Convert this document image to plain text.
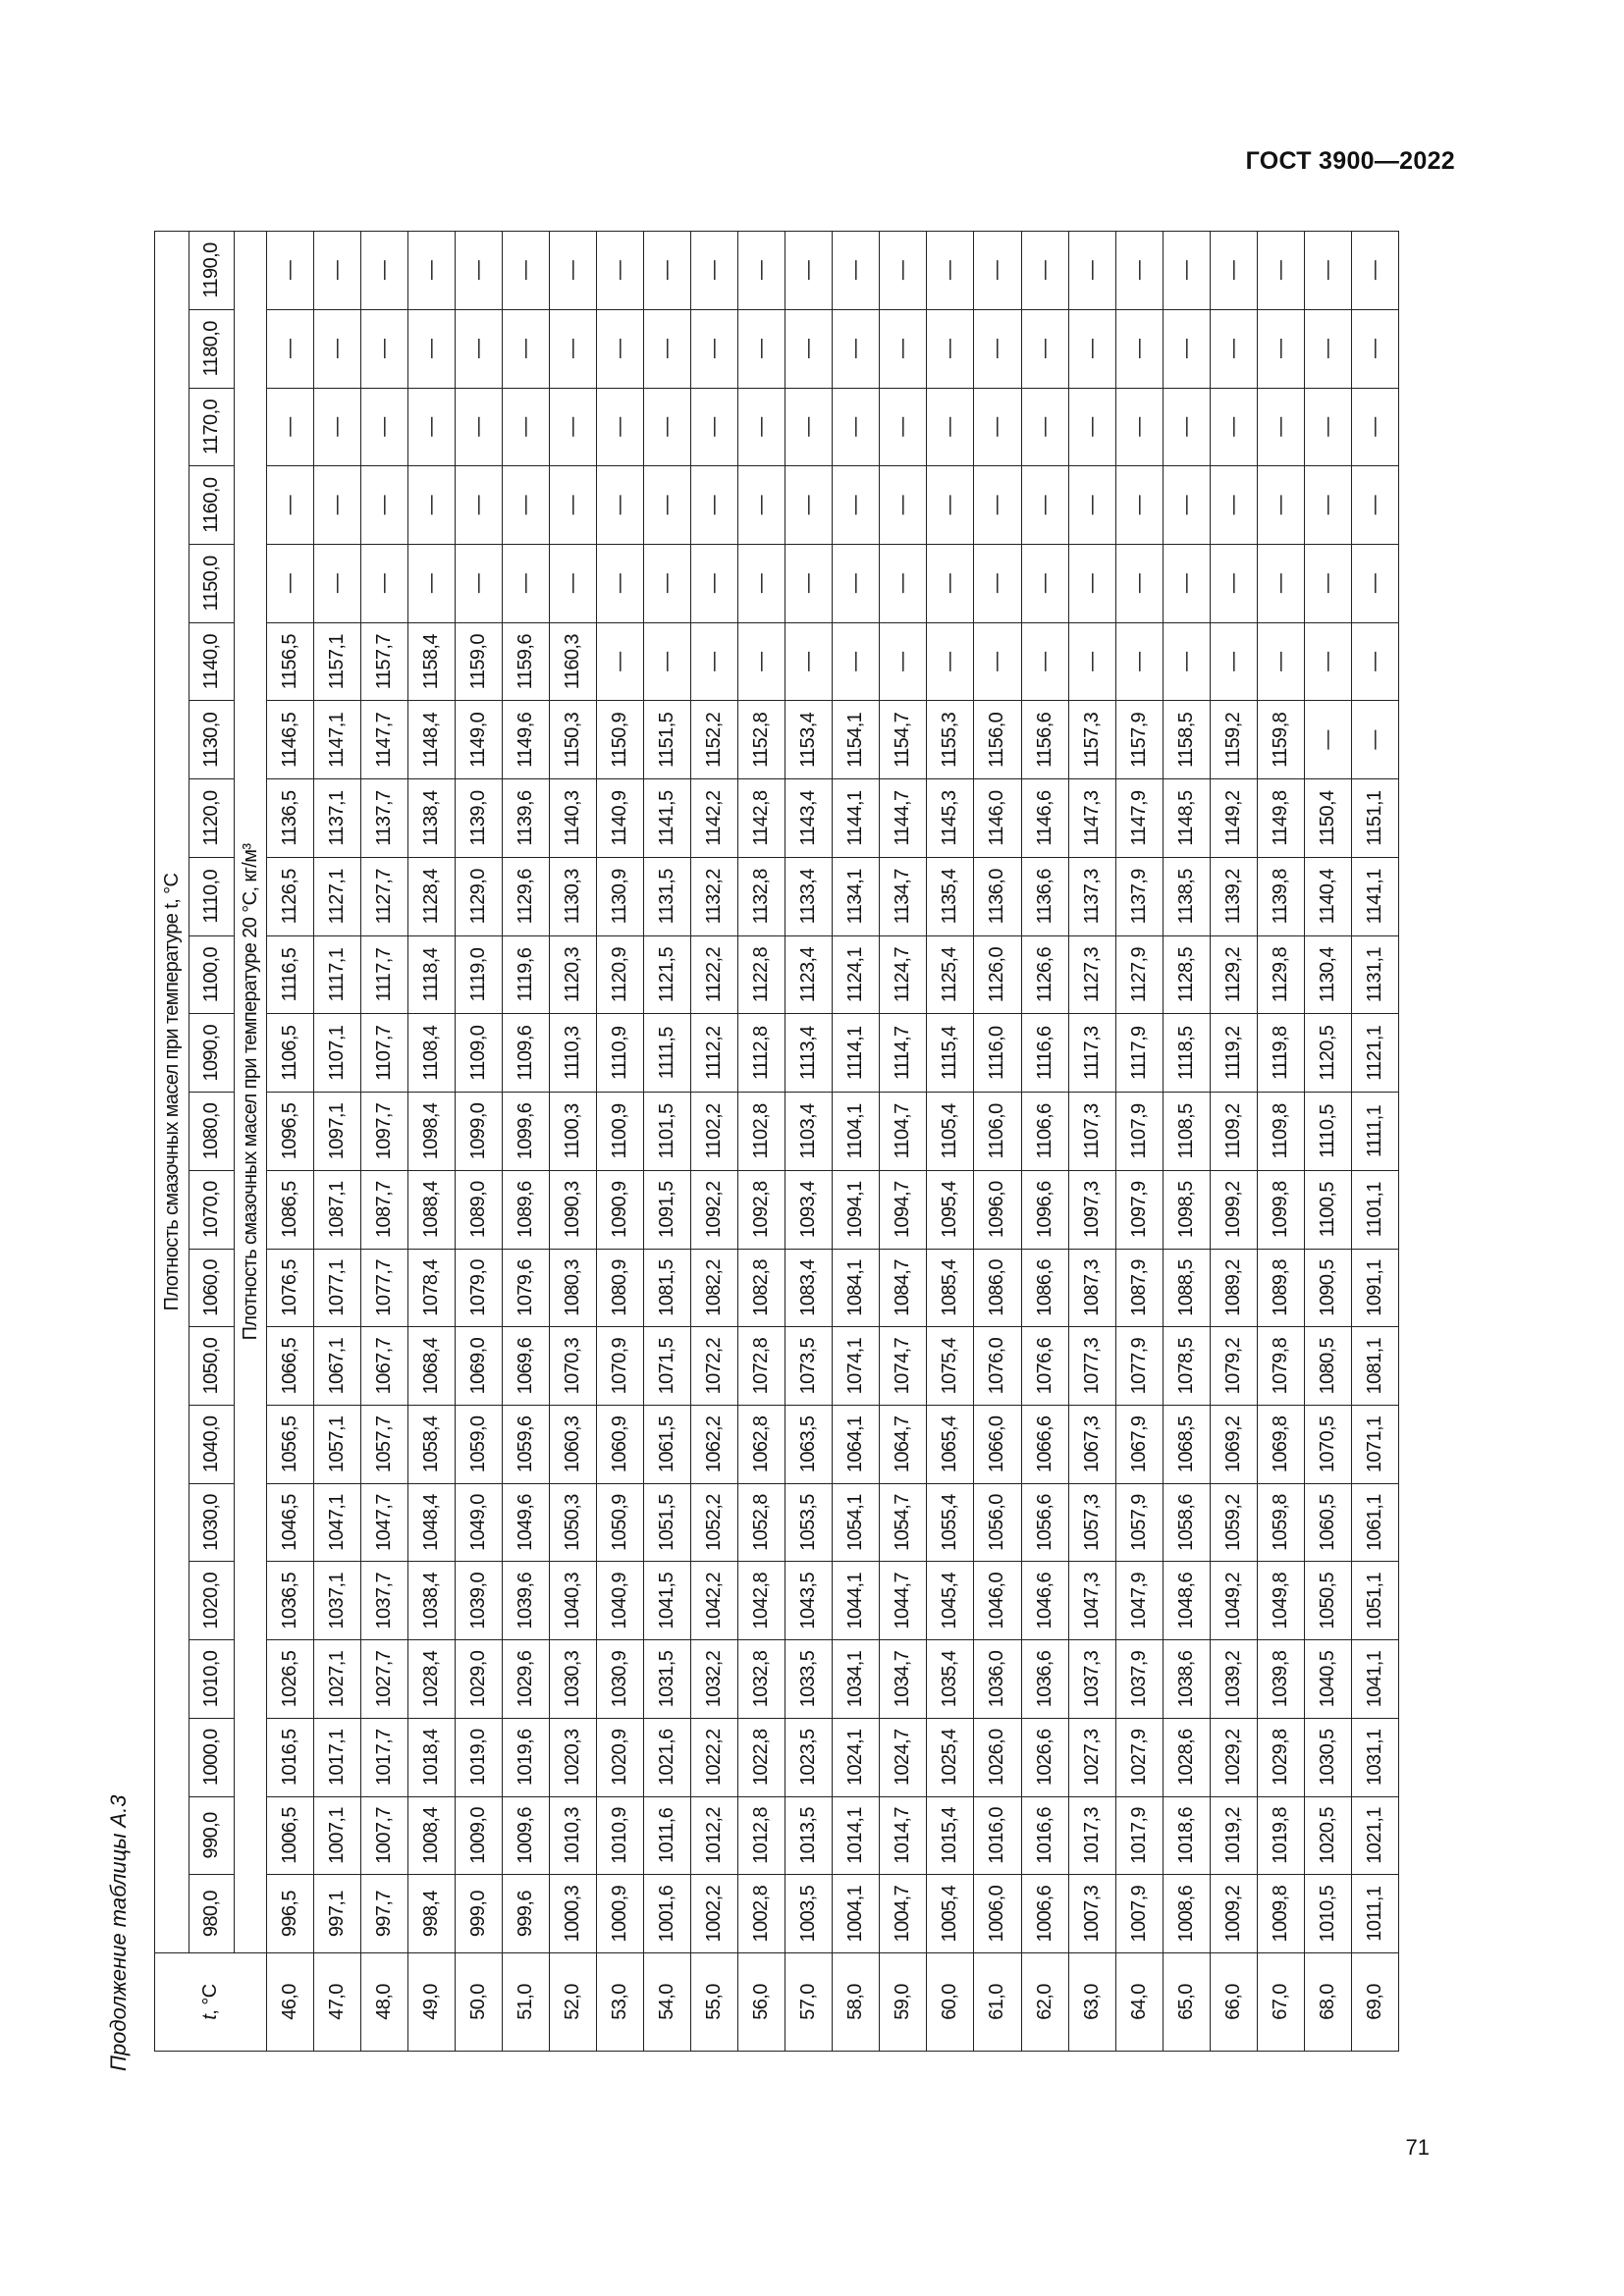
ГОСТ 3900—2022
Продолжение таблицы А.3
71
t, °C	Плотность смазочных масел при температуре t, °C																					
	980,0	990,0	1000,0	1010,0	1020,0	1030,0	1040,0	1050,0	1060,0	1070,0	1080,0	1090,0	1100,0	1110,0	1120,0	1130,0	1140,0	1150,0	1160,0	1170,0	1180,0	1190,0
	Плотность смазочных масел при температуре 20 °С, кг/м³																					
46,0	996,5	1006,5	1016,5	1026,5	1036,5	1046,5	1056,5	1066,5	1076,5	1086,5	1096,5	1106,5	1116,5	1126,5	1136,5	1146,5	1156,5	—	—	—	—	—
47,0	997,1	1007,1	1017,1	1027,1	1037,1	1047,1	1057,1	1067,1	1077,1	1087,1	1097,1	1107,1	1117,1	1127,1	1137,1	1147,1	1157,1	—	—	—	—	—
48,0	997,7	1007,7	1017,7	1027,7	1037,7	1047,7	1057,7	1067,7	1077,7	1087,7	1097,7	1107,7	1117,7	1127,7	1137,7	1147,7	1157,7	—	—	—	—	—
49,0	998,4	1008,4	1018,4	1028,4	1038,4	1048,4	1058,4	1068,4	1078,4	1088,4	1098,4	1108,4	1118,4	1128,4	1138,4	1148,4	1158,4	—	—	—	—	—
50,0	999,0	1009,0	1019,0	1029,0	1039,0	1049,0	1059,0	1069,0	1079,0	1089,0	1099,0	1109,0	1119,0	1129,0	1139,0	1149,0	1159,0	—	—	—	—	—
51,0	999,6	1009,6	1019,6	1029,6	1039,6	1049,6	1059,6	1069,6	1079,6	1089,6	1099,6	1109,6	1119,6	1129,6	1139,6	1149,6	1159,6	—	—	—	—	—
52,0	1000,3	1010,3	1020,3	1030,3	1040,3	1050,3	1060,3	1070,3	1080,3	1090,3	1100,3	1110,3	1120,3	1130,3	1140,3	1150,3	1160,3	—	—	—	—	—
53,0	1000,9	1010,9	1020,9	1030,9	1040,9	1050,9	1060,9	1070,9	1080,9	1090,9	1100,9	1110,9	1120,9	1130,9	1140,9	1150,9	—	—	—	—	—	—
54,0	1001,6	1011,6	1021,6	1031,5	1041,5	1051,5	1061,5	1071,5	1081,5	1091,5	1101,5	1111,5	1121,5	1131,5	1141,5	1151,5	—	—	—	—	—	—
55,0	1002,2	1012,2	1022,2	1032,2	1042,2	1052,2	1062,2	1072,2	1082,2	1092,2	1102,2	1112,2	1122,2	1132,2	1142,2	1152,2	—	—	—	—	—	—
56,0	1002,8	1012,8	1022,8	1032,8	1042,8	1052,8	1062,8	1072,8	1082,8	1092,8	1102,8	1112,8	1122,8	1132,8	1142,8	1152,8	—	—	—	—	—	—
57,0	1003,5	1013,5	1023,5	1033,5	1043,5	1053,5	1063,5	1073,5	1083,4	1093,4	1103,4	1113,4	1123,4	1133,4	1143,4	1153,4	—	—	—	—	—	—
58,0	1004,1	1014,1	1024,1	1034,1	1044,1	1054,1	1064,1	1074,1	1084,1	1094,1	1104,1	1114,1	1124,1	1134,1	1144,1	1154,1	—	—	—	—	—	—
59,0	1004,7	1014,7	1024,7	1034,7	1044,7	1054,7	1064,7	1074,7	1084,7	1094,7	1104,7	1114,7	1124,7	1134,7	1144,7	1154,7	—	—	—	—	—	—
60,0	1005,4	1015,4	1025,4	1035,4	1045,4	1055,4	1065,4	1075,4	1085,4	1095,4	1105,4	1115,4	1125,4	1135,4	1145,3	1155,3	—	—	—	—	—	—
61,0	1006,0	1016,0	1026,0	1036,0	1046,0	1056,0	1066,0	1076,0	1086,0	1096,0	1106,0	1116,0	1126,0	1136,0	1146,0	1156,0	—	—	—	—	—	—
62,0	1006,6	1016,6	1026,6	1036,6	1046,6	1056,6	1066,6	1076,6	1086,6	1096,6	1106,6	1116,6	1126,6	1136,6	1146,6	1156,6	—	—	—	—	—	—
63,0	1007,3	1017,3	1027,3	1037,3	1047,3	1057,3	1067,3	1077,3	1087,3	1097,3	1107,3	1117,3	1127,3	1137,3	1147,3	1157,3	—	—	—	—	—	—
64,0	1007,9	1017,9	1027,9	1037,9	1047,9	1057,9	1067,9	1077,9	1087,9	1097,9	1107,9	1117,9	1127,9	1137,9	1147,9	1157,9	—	—	—	—	—	—
65,0	1008,6	1018,6	1028,6	1038,6	1048,6	1058,6	1068,5	1078,5	1088,5	1098,5	1108,5	1118,5	1128,5	1138,5	1148,5	1158,5	—	—	—	—	—	—
66,0	1009,2	1019,2	1029,2	1039,2	1049,2	1059,2	1069,2	1079,2	1089,2	1099,2	1109,2	1119,2	1129,2	1139,2	1149,2	1159,2	—	—	—	—	—	—
67,0	1009,8	1019,8	1029,8	1039,8	1049,8	1059,8	1069,8	1079,8	1089,8	1099,8	1109,8	1119,8	1129,8	1139,8	1149,8	1159,8	—	—	—	—	—	—
68,0	1010,5	1020,5	1030,5	1040,5	1050,5	1060,5	1070,5	1080,5	1090,5	1100,5	1110,5	1120,5	1130,4	1140,4	1150,4	—	—	—	—	—	—	—
69,0	1011,1	1021,1	1031,1	1041,1	1051,1	1061,1	1071,1	1081,1	1091,1	1101,1	1111,1	1121,1	1131,1	1141,1	1151,1	—	—	—	—	—	—	—
